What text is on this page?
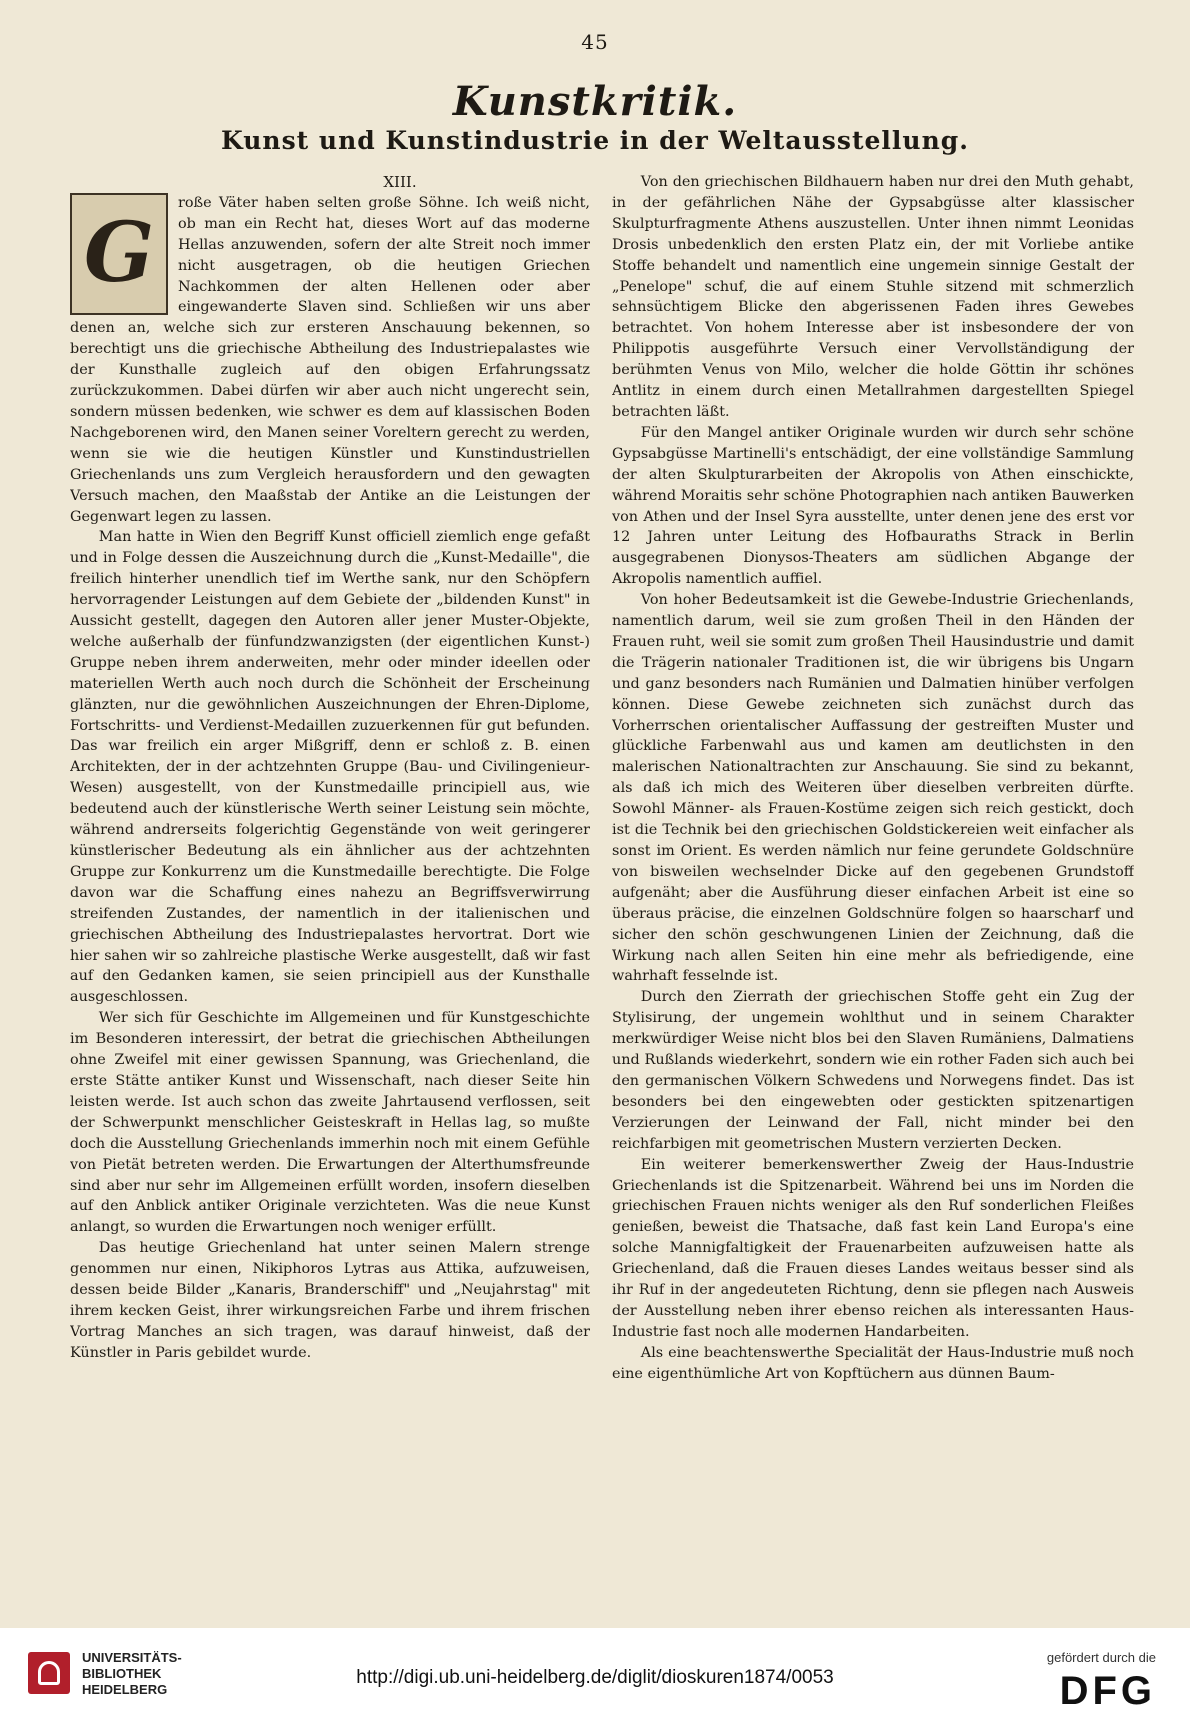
45
Kunstkritik.
Kunst und Kunstindustrie in der Weltausstellung.
XIII.
G

roße Väter haben selten große Söhne. Ich weiß nicht, ob man ein Recht hat, dieses Wort auf das moderne Hellas anzuwenden, sofern der alte Streit noch immer nicht ausgetragen, ob die heutigen Griechen Nachkommen der alten Hellenen oder aber eingewanderte Slaven sind. Schließen wir uns aber denen an, welche sich zur ersteren Anschauung bekennen, so berechtigt uns die griechische Abtheilung des Industriepalastes wie der Kunsthalle zugleich auf den obigen Erfahrungssatz zurückzukommen. Dabei dürfen wir aber auch nicht ungerecht sein, sondern müssen bedenken, wie schwer es dem auf klassischen Boden Nachgeborenen wird, den Manen seiner Voreltern gerecht zu werden, wenn sie wie die heutigen Künstler und Kunstindustriellen Griechenlands uns zum Vergleich herausfordern und den gewagten Versuch machen, den Maaßstab der Antike an die Leistungen der Gegenwart legen zu lassen.

Man hatte in Wien den Begriff Kunst officiell ziemlich enge gefaßt und in Folge dessen die Auszeichnung durch die „Kunst-Medaille", die freilich hinterher unendlich tief im Werthe sank, nur den Schöpfern hervorragender Leistungen auf dem Gebiete der „bildenden Kunst" in Aussicht gestellt, dagegen den Autoren aller jener Muster-Objekte, welche außerhalb der fünfundzwanzigsten (der eigentlichen Kunst-) Gruppe neben ihrem anderweiten, mehr oder minder ideellen oder materiellen Werth auch noch durch die Schönheit der Erscheinung glänzten, nur die gewöhnlichen Auszeichnungen der Ehren-Diplome, Fortschritts- und Verdienst-Medaillen zuzuerkennen für gut befunden. Das war freilich ein arger Mißgriff, denn er schloß z. B. einen Architekten, der in der achtzehnten Gruppe (Bau- und Civilingenieur-Wesen) ausgestellt, von der Kunstmedaille principiell aus, wie bedeutend auch der künstlerische Werth seiner Leistung sein möchte, während andrerseits folgerichtig Gegenstände von weit geringerer künstlerischer Bedeutung als ein ähnlicher aus der achtzehnten Gruppe zur Konkurrenz um die Kunstmedaille berechtigte. Die Folge davon war die Schaffung eines nahezu an Begriffsverwirrung streifenden Zustandes, der namentlich in der italienischen und griechischen Abtheilung des Industriepalastes hervortrat. Dort wie hier sahen wir so zahlreiche plastische Werke ausgestellt, daß wir fast auf den Gedanken kamen, sie seien principiell aus der Kunsthalle ausgeschlossen.

Wer sich für Geschichte im Allgemeinen und für Kunstgeschichte im Besonderen interessirt, der betrat die griechischen Abtheilungen ohne Zweifel mit einer gewissen Spannung, was Griechenland, die erste Stätte antiker Kunst und Wissenschaft, nach dieser Seite hin leisten werde. Ist auch schon das zweite Jahrtausend verflossen, seit der Schwerpunkt menschlicher Geisteskraft in Hellas lag, so mußte doch die Ausstellung Griechenlands immerhin noch mit einem Gefühle von Pietät betreten werden. Die Erwartungen der Alterthumsfreunde sind aber nur sehr im Allgemeinen erfüllt worden, insofern dieselben auf den Anblick antiker Originale verzichteten. Was die neue Kunst anlangt, so wurden die Erwartungen noch weniger erfüllt.

Das heutige Griechenland hat unter seinen Malern strenge genommen nur einen, Nikiphoros Lytras aus Attika, aufzuweisen, dessen beide Bilder „Kanaris, Branderschiff" und „Neujahrstag" mit ihrem kecken Geist, ihrer wirkungsreichen Farbe und ihrem frischen Vortrag Manches an sich tragen, was darauf hinweist, daß der Künstler in Paris gebildet wurde.

Von den griechischen Bildhauern haben nur drei den Muth gehabt, in der gefährlichen Nähe der Gypsabgüsse alter klassischer Skulpturfragmente Athens auszustellen. Unter ihnen nimmt Leonidas Drosis unbedenklich den ersten Platz ein, der mit Vorliebe antike Stoffe behandelt und namentlich eine ungemein sinnige Gestalt der „Penelope" schuf, die auf einem Stuhle sitzend mit schmerzlich sehnsüchtigem Blicke den abgerissenen Faden ihres Gewebes betrachtet. Von hohem Interesse aber ist insbesondere der von Philippotis ausgeführte Versuch einer Vervollständigung der berühmten Venus von Milo, welcher die holde Göttin ihr schönes Antlitz in einem durch einen Metallrahmen dargestellten Spiegel betrachten läßt.

Für den Mangel antiker Originale wurden wir durch sehr schöne Gypsabgüsse Martinelli's entschädigt, der eine vollständige Sammlung der alten Skulpturarbeiten der Akropolis von Athen einschickte, während Moraitis sehr schöne Photographien nach antiken Bauwerken von Athen und der Insel Syra ausstellte, unter denen jene des erst vor 12 Jahren unter Leitung des Hofbauraths Strack in Berlin ausgegrabenen Dionysos-Theaters am südlichen Abgange der Akropolis namentlich auffiel.

Von hoher Bedeutsamkeit ist die Gewebe-Industrie Griechenlands, namentlich darum, weil sie zum großen Theil in den Händen der Frauen ruht, weil sie somit zum großen Theil Hausindustrie und damit die Trägerin nationaler Traditionen ist, die wir übrigens bis Ungarn und ganz besonders nach Rumänien und Dalmatien hinüber verfolgen können. Diese Gewebe zeichneten sich zunächst durch das Vorherrschen orientalischer Auffassung der gestreiften Muster und glückliche Farbenwahl aus und kamen am deutlichsten in den malerischen Nationaltrachten zur Anschauung. Sie sind zu bekannt, als daß ich mich des Weiteren über dieselben verbreiten dürfte. Sowohl Männer- als Frauen-Kostüme zeigen sich reich gestickt, doch ist die Technik bei den griechischen Goldstickereien weit einfacher als sonst im Orient. Es werden nämlich nur feine gerundete Goldschnüre von bisweilen wechselnder Dicke auf den gegebenen Grundstoff aufgenäht; aber die Ausführung dieser einfachen Arbeit ist eine so überaus präcise, die einzelnen Goldschnüre folgen so haarscharf und sicher den schön geschwungenen Linien der Zeichnung, daß die Wirkung nach allen Seiten hin eine mehr als befriedigende, eine wahrhaft fesselnde ist.

Durch den Zierrath der griechischen Stoffe geht ein Zug der Stylisirung, der ungemein wohlthut und in seinem Charakter merkwürdiger Weise nicht blos bei den Slaven Rumäniens, Dalmatiens und Rußlands wiederkehrt, sondern wie ein rother Faden sich auch bei den germanischen Völkern Schwedens und Norwegens findet. Das ist besonders bei den eingewebten oder gestickten spitzenartigen Verzierungen der Leinwand der Fall, nicht minder bei den reichfarbigen mit geometrischen Mustern verzierten Decken.

Ein weiterer bemerkenswerther Zweig der Haus-Industrie Griechenlands ist die Spitzenarbeit. Während bei uns im Norden die griechischen Frauen nichts weniger als den Ruf sonderlichen Fleißes genießen, beweist die Thatsache, daß fast kein Land Europa's eine solche Mannigfaltigkeit der Frauenarbeiten aufzuweisen hatte als Griechenland, daß die Frauen dieses Landes weitaus besser sind als ihr Ruf in der angedeuteten Richtung, denn sie pflegen nach Ausweis der Ausstellung neben ihrer ebenso reichen als interessanten Haus-Industrie fast noch alle modernen Handarbeiten.

Als eine beachtenswerthe Specialität der Haus-Industrie muß noch eine eigenthümliche Art von Kopftüchern aus dünnen Baum-

UNIVERSITÄTS-
BIBLIOTHEK
HEIDELBERG
http://digi.ub.uni-heidelberg.de/diglit/dioskuren1874/0053
gefördert durch die
DFG
